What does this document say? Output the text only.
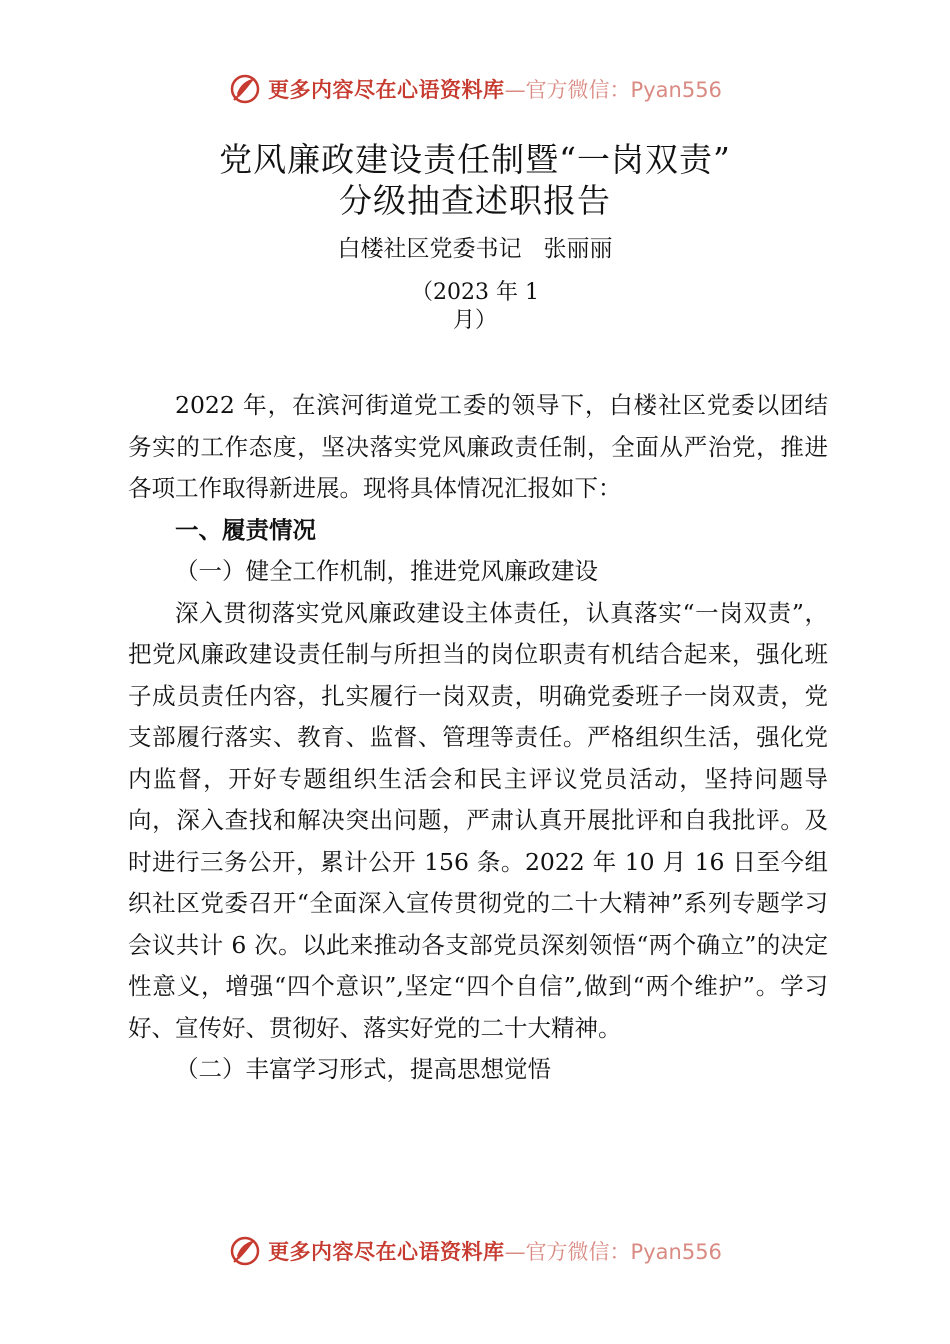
更多内容尽在心语资料库 —官方微信：Pyan556
党风廉政建设责任制暨“一岗双责”
分级抽查述职报告
白楼社区党委书记 张丽丽
（2023 年 1
月）

2022 年，在滨河街道党工委的领导下，白楼社区党委以团结务实的工作态度，坚决落实党风廉政责任制，全面从严治党，推进各项工作取得新进展。现将具体情况汇报如下：

一、履责情况

（一）健全工作机制，推进党风廉政建设

深入贯彻落实党风廉政建设主体责任，认真落实“一岗双责”，把党风廉政建设责任制与所担当的岗位职责有机结合起来，强化班子成员责任内容，扎实履行一岗双责，明确党委班子一岗双责，党支部履行落实、教育、监督、管理等责任。严格组织生活，强化党内监督，开好专题组织生活会和民主评议党员活动，坚持问题导向，深入查找和解决突出问题，严肃认真开展批评和自我批评。及时进行三务公开，累计公开 156 条。2022 年 10 月 16 日至今组织社区党委召开“全面深入宣传贯彻党的二十大精神”系列专题学习会议共计 6 次。以此来推动各支部党员深刻领悟“两个确立”的决定性意义，增强“四个意识”,坚定“四个自信”,做到“两个维护”。学习好、宣传好、贯彻好、落实好党的二十大精神。

（二）丰富学习形式，提高思想觉悟

更多内容尽在心语资料库 —官方微信：Pyan556
